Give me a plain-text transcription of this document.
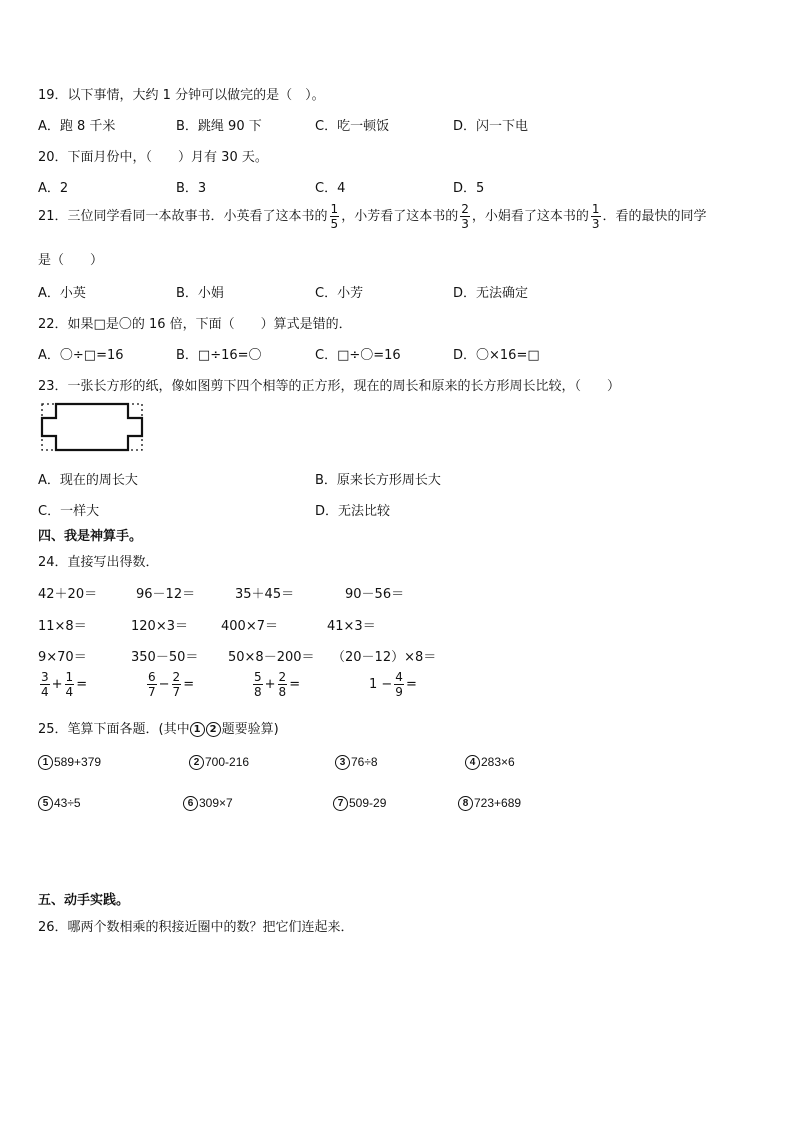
19．以下事情，大约 1 分钟可以做完的是（　）。
A．跑 8 千米	B．跳绳 90 下	C．吃一顿饭	D．闪一下电
20．下面月份中，（　　）月有 30 天。
A．2	B．3	C．4	D．5
21．三位同学看同一本故事书．小英看了这本书的 $\frac{1}{5}$ ，小芳看了这本书的 $\frac{2}{3}$ ，小娟看了这本书的 $\frac{1}{3}$ ．看的最快的同学
是（　　）
A．小英	B．小娟	C．小芳	D．无法确定
22．如果□是〇的 16 倍，下面（　　）算式是错的．
A．〇÷□=16	B．□÷16=〇	C．□÷〇=16	D．〇×16=□
23．一张长方形的纸，像如图剪下四个相等的正方形，现在的周长和原来的长方形周长比较，（　　）
A．现在的周长大	B．原来长方形周长大
C．一样大	D．无法比较
四、我是神算手。
24．直接写出得数．
42＋20＝	96－12＝	35＋45＝	90－56＝
11×8＝	120×3＝	400×7＝	41×3＝
9×70＝	350－50＝ 50×8－200＝ （20－12）×8＝
$\frac{3}{4} + \frac{1}{4}$ =	$\frac{6}{7} - \frac{2}{7}$ =	$\frac{5}{8} + \frac{2}{8}$ =	$1 - \frac{4}{9}$ =
25．笔算下面各题．(其中 1 2 题要验算)
1 589+379	2 700-216	3 76÷8	4 283×6
5 43÷5	6 309×7	7 509-29	8 723+689
五、动手实践。
26．哪两个数相乘的积接近圈中的数？把它们连起来．
